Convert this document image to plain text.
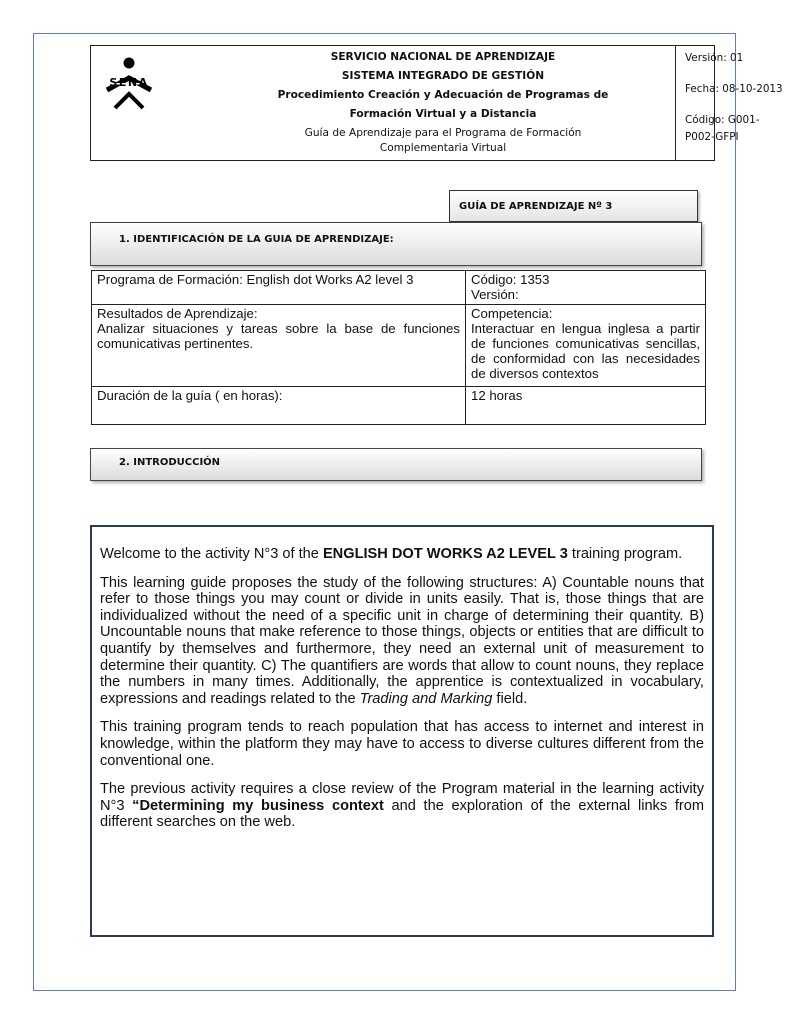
SENA
SERVICIO NACIONAL DE APRENDIZAJE
SISTEMA INTEGRADO DE GESTIÓN
Procedimiento Creación y Adecuación de Programas de
Formación Virtual y a Distancia
Guía de Aprendizaje para el Programa de Formación
Complementaria Virtual
Versión: 01
Fecha: 08-10-2013
Código: G001-
P002-GFPI
GUÍA DE APRENDIZAJE Nº 3
1. IDENTIFICACIÓN DE LA GUIA DE APRENDIZAJE:
Programa de Formación: English dot Works A2 level 3	Código: 1353
Versión:
Resultados de Aprendizaje:
Analizar situaciones y tareas sobre la base de funciones comunicativas pertinentes.
Competencia:
Interactuar en lengua inglesa a partir de funciones comunicativas sencillas, de conformidad con las necesidades de diversos contextos
Duración de la guía ( en horas):	12 horas
2. INTRODUCCIÓN

Welcome to the activity N°3 of the ENGLISH DOT WORKS A2 LEVEL 3 training program.

This learning guide proposes the study of the following structures: A) Countable nouns that refer to those things you may count or divide in units easily. That is, those things that are individualized without the need of a specific unit in charge of determining their quantity. B) Uncountable nouns that make reference to those things, objects or entities that are difficult to quantify by themselves and furthermore, they need an external unit of measurement to determine their quantity. C) The quantifiers are words that allow to count nouns, they replace the numbers in many times. Additionally, the apprentice is contextualized in vocabulary, expressions and readings related to the Trading and Marking field.

This training program tends to reach population that has access to internet and interest in knowledge, within the platform they may have to access to diverse cultures different from the conventional one.

The previous activity requires a close review of the Program material in the learning activity N°3 “Determining my business context and the exploration of the external links from different searches on the web.
